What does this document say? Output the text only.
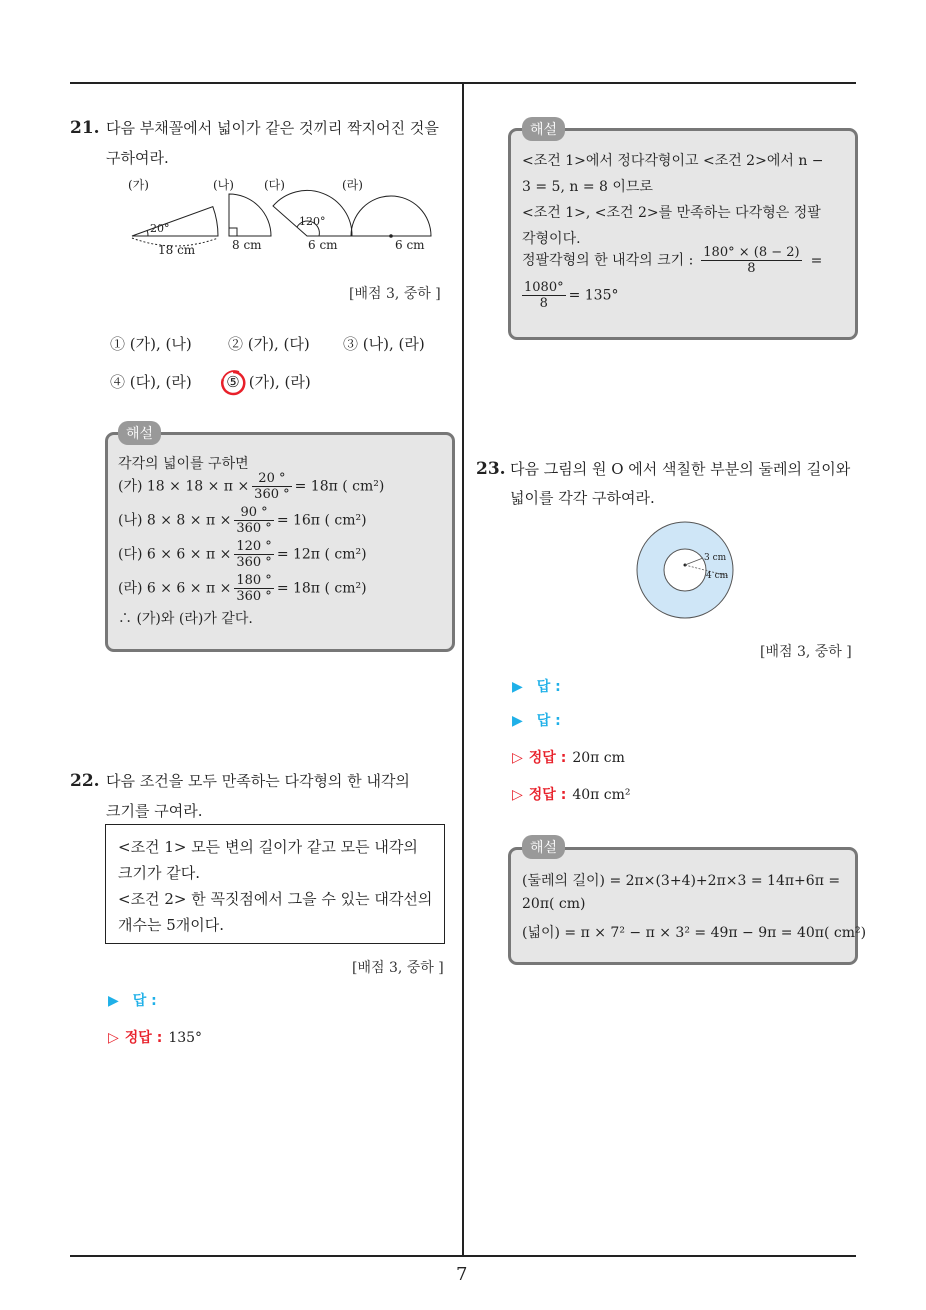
21. 다음 부채꼴에서 넓이가 같은 것끼리 짝지어진 것을
구하여라.
(가)	(나)	(다)	(라)
20°
18 cm	8 cm
120°
6 cm	6 cm
[배점 3, 중하 ]
① (가), (나) ② (가), (다) ③ (나), (라)
④ (다), (라) ⑤ (가), (라)
해설
각각의 넓이를 구하면
(가) $18 \times 18 \times \pi \times \frac{20 ^\circ}{360 ^\circ} = 18\pi$ ( cm²)
(나) $8 \times 8 \times \pi \times \frac{90 ^\circ}{360 ^\circ} = 16\pi$ ( cm²)
(다) $6 \times 6 \times \pi \times \frac{120 ^\circ}{360 ^\circ} = 12\pi$ ( cm²)
(라) $6 \times 6 \times \pi \times \frac{180 ^\circ}{360 ^\circ} = 18\pi$ ( cm²)
∴ (가)와 (라)가 같다.
22. 다음 조건을 모두 만족하는 다각형의 한 내각의
크기를 구여라.
<조건 1> 모든 변의 길이가 같고 모든 내각의
크기가 같다.
<조건 2> 한 꼭짓점에서 그을 수 있는 대각선의
개수는 5개이다.
[배점 3, 중하 ]
▶ 답 :
▷ 정답 : 135°
해설
<조건 1>에서 정다각형이고 <조건 2>에서 n −
3 = 5, n = 8 이므로
<조건 1>, <조건 2>를 만족하는 다각형은 정팔
각형이다.
정팔각형의 한 내각의 크기 : $\frac{180^\circ \times (8 - 2)}{8}$ =
$\frac{1080^\circ}{8} = 135^\circ$
23. 다음 그림의 원 O 에서 색칠한 부분의 둘레의 길이와
넓이를 각각 구하여라.
3 cm
4 cm
[배점 3, 중하 ]
▶ 답 :
▶ 답 :
▷ 정답 : 20π cm
▷ 정답 : 40π cm²
해설
(둘레의 길이) = 2π×(3+4)+2π×3 = 14π+6π =
20π( cm)
(넓이) = π × 7² − π × 3² = 49π − 9π = 40π( cm²)
7
